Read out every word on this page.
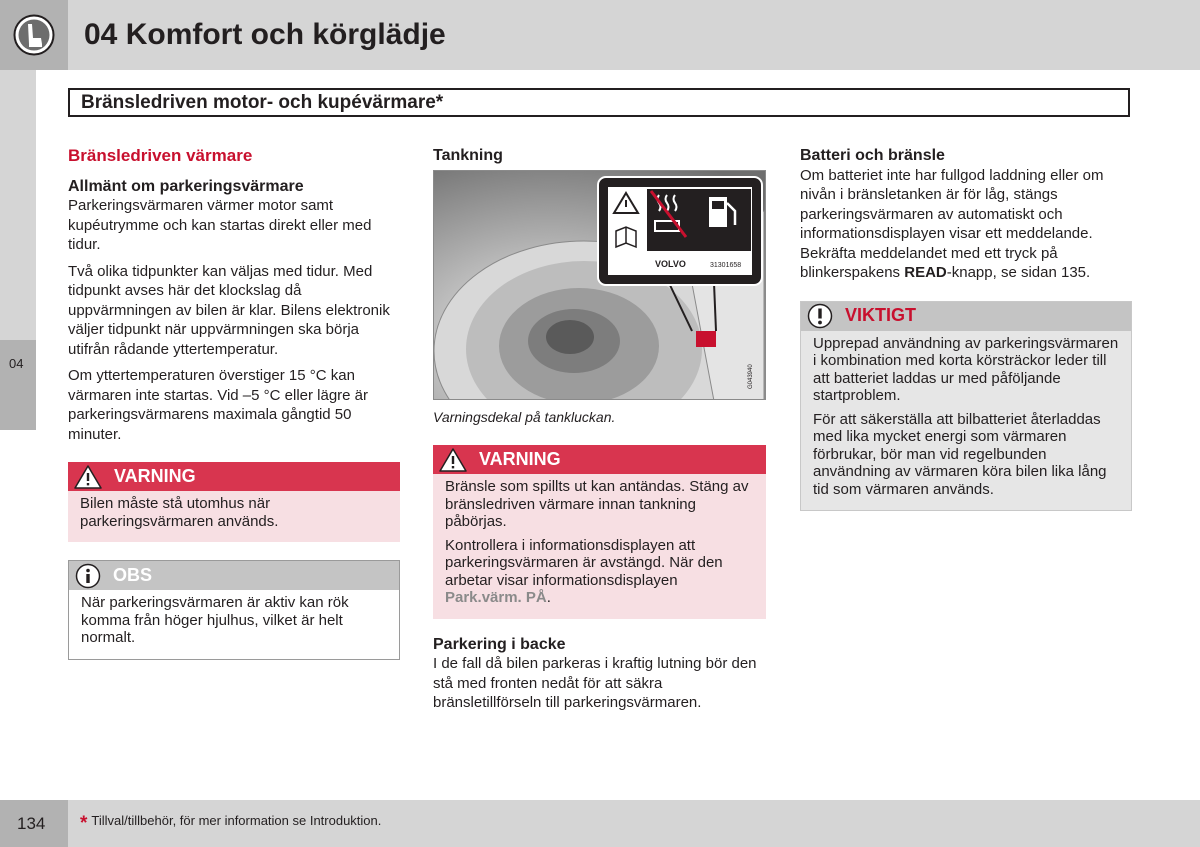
04 Komfort och körglädje
04
Bränsledriven motor- och kupévärmare*
Bränsledriven värmare
Allmänt om parkeringsvärmare

Parkeringsvärmaren värmer motor samt kupéutrymme och kan startas direkt eller med tidur.

Två olika tidpunkter kan väljas med tidur. Med tidpunkt avses här det klockslag då uppvärmningen av bilen är klar. Bilens elektronik väljer tidpunkt när uppvärmningen ska börja utifrån rådande yttertemperatur.

Om yttertemperaturen överstiger 15 °C kan värmaren inte startas. Vid –5 °C eller lägre är parkeringsvärmarens maximala gångtid 50 minuter.

VARNING

Bilen måste stå utomhus när parkeringsvärmaren används.

OBS

När parkeringsvärmaren är aktiv kan rök komma från höger hjulhus, vilket är helt normalt.

Tankning
VOLVO	31301658
G043940
Varningsdekal på tankluckan.
VARNING

Bränsle som spillts ut kan antändas. Stäng av bränsledriven värmare innan tankning påbörjas.

Kontrollera i informationsdisplayen att parkeringsvärmaren är avstängd. När den arbetar visar informationsdisplayen Park.värm. PÅ.

Parkering i backe

I de fall då bilen parkeras i kraftig lutning bör den stå med fronten nedåt för att säkra bränsletillförseln till parkeringsvärmaren.

Batteri och bränsle

Om batteriet inte har fullgod laddning eller om nivån i bränsletanken är för låg, stängs parkeringsvärmaren av automatiskt och informationsdisplayen visar ett meddelande. Bekräfta meddelandet med ett tryck på blinkerspakens READ-knapp, se sidan 135.

VIKTIGT

Upprepad användning av parkeringsvärmaren i kombination med korta körsträckor leder till att batteriet laddas ur med påföljande startproblem.

För att säkerställa att bilbatteriet återladdas med lika mycket energi som värmaren förbrukar, bör man vid regelbunden användning av värmaren köra bilen lika lång tid som värmaren används.

134 * Tillval/tillbehör, för mer information se Introduktion.
